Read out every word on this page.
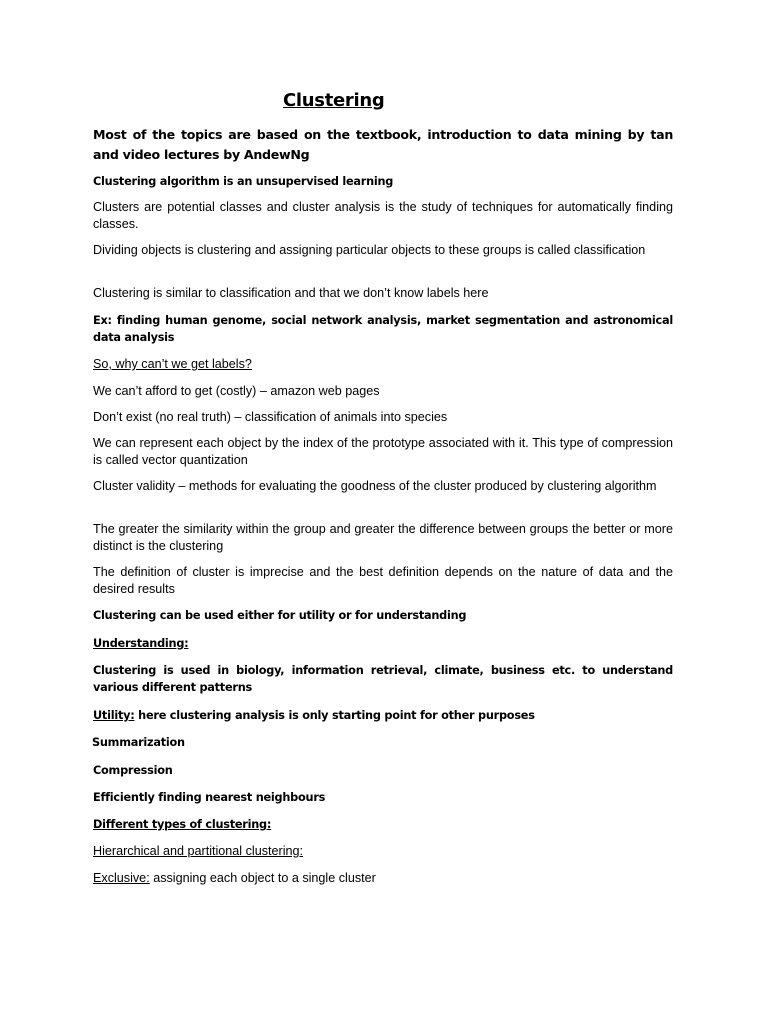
Clustering

Most of the topics are based on the textbook, introduction to data mining by tan and video lectures by AndewNg

Clustering algorithm is an unsupervised learning

Clusters are potential classes and cluster analysis is the study of techniques for automatically finding classes.

Dividing objects is clustering and assigning particular objects to these groups is called classification

Clustering is similar to classification and that we don’t know labels here

Ex: finding human genome, social network analysis, market segmentation and astronomical data analysis

So, why can’t we get labels?

We can’t afford to get (costly) – amazon web pages

Don’t exist (no real truth) – classification of animals into species

We can represent each object by the index of the prototype associated with it. This type of compression is called vector quantization

Cluster validity – methods for evaluating the goodness of the cluster produced by clustering algorithm

The greater the similarity within the group and greater the difference between groups the better or more distinct is the clustering

The definition of cluster is imprecise and the best definition depends on the nature of data and the desired results

Clustering can be used either for utility or for understanding

Understanding:

Clustering is used in biology, information retrieval, climate, business etc. to understand various different patterns

Utility: here clustering analysis is only starting point for other purposes

Summarization

Compression

Efficiently finding nearest neighbours

Different types of clustering:

Hierarchical and partitional clustering:

Exclusive: assigning each object to a single cluster
